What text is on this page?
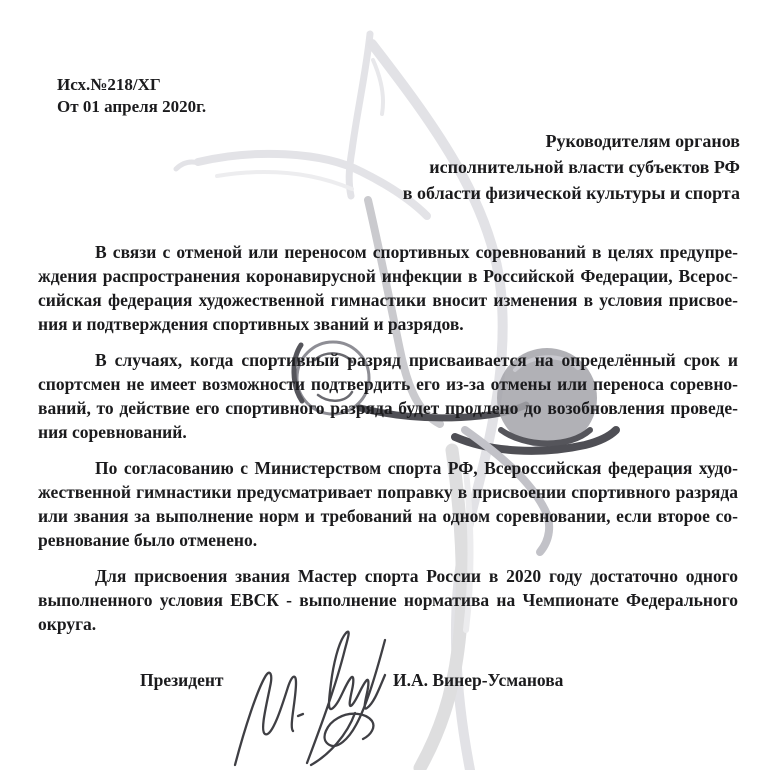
Исх.№218/ХГ
От 01 апреля 2020г.
Руководителям органов
исполнительной власти субъектов РФ
в области физической культуры и спорта
В связи с отменой или переносом спортивных соревнований в целях предупре-
ждения распространения коронавирусной инфекции в Российской Федерации, Всерос-
сийская федерация художественной гимнастики вносит изменения в условия присвое-
ния и подтверждения спортивных званий и разрядов.
В случаях, когда спортивный разряд присваивается на определённый срок и
спортсмен не имеет возможности подтвердить его из-за отмены или переноса соревно-
ваний, то действие его спортивного разряда будет продлено до возобновления проведе-
ния соревнований.
По согласованию с Министерством спорта РФ, Всероссийская федерация худо-
жественной гимнастики предусматривает поправку в присвоении спортивного разряда
или звания за выполнение норм и требований на одном соревновании, если второе со-
ревнование было отменено.
Для присвоения звания Мастер спорта России в 2020 году достаточно одного
выполненного условия ЕВСК - выполнение норматива на Чемпионате Федерального
округа.
Президент	И.А. Винер-Усманова
